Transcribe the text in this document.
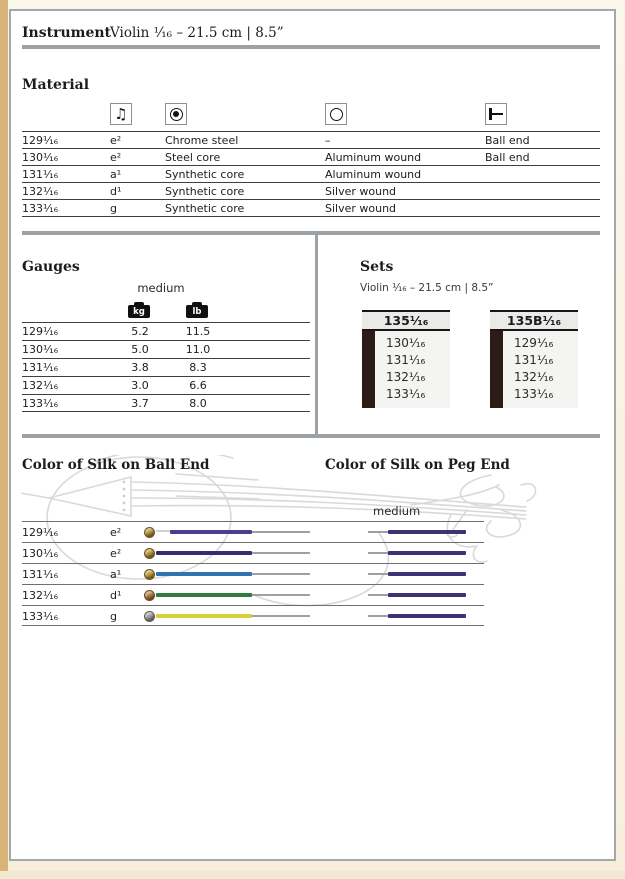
Instrument Violin ¹⁄₁₆ – 21.5 cm | 8.5”
Material
♫
129¹⁄₁₆	e²	Chrome steel	–	Ball end
130¹⁄₁₆	e²	Steel core	Aluminum wound	Ball end
131¹⁄₁₆	a¹	Synthetic core	Aluminum wound
132¹⁄₁₆	d¹	Synthetic core	Silver wound
133¹⁄₁₆	g	Synthetic core	Silver wound
Gauges
medium
kg	lb
129¹⁄₁₆	5.2	11.5
130¹⁄₁₆	5.0	11.0
131¹⁄₁₆	3.8	8.3
132¹⁄₁₆	3.0	6.6
133¹⁄₁₆	3.7	8.0
Sets
Violin ¹⁄₁₆ – 21.5 cm | 8.5”
135¹⁄₁₆
130¹⁄₁₆
131¹⁄₁₆
132¹⁄₁₆
133¹⁄₁₆
135B¹⁄₁₆
129¹⁄₁₆
131¹⁄₁₆
132¹⁄₁₆
133¹⁄₁₆
Color of Silk on Ball End	Color of Silk on Peg End
medium
129¹⁄₁₆	e²
130¹⁄₁₆	e²
131¹⁄₁₆	a¹
132¹⁄₁₆	d¹
133¹⁄₁₆	g
